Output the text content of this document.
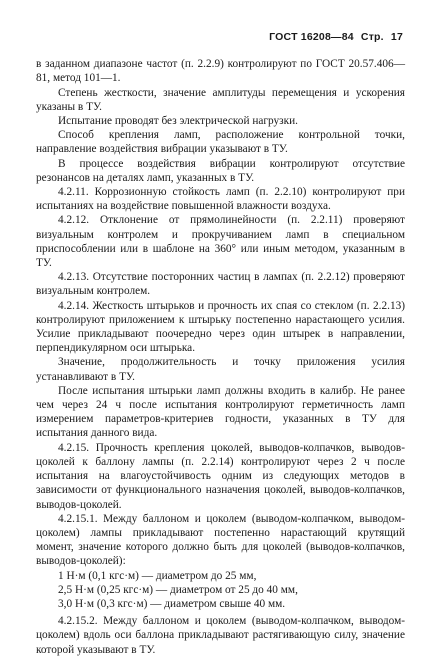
ГОСТ 16208—84 Стр. 17

в заданном диапазоне частот (п. 2.2.9) контролируют по ГОСТ 20.57.406—81, метод 101—1.

Степень жесткости, значение амплитуды перемещения и ускорения указаны в ТУ.

Испытание проводят без электрической нагрузки.

Способ крепления ламп, расположение контрольной точки, направление воздействия вибрации указывают в ТУ.

В процессе воздействия вибрации контролируют отсутствие резонансов на деталях ламп, указанных в ТУ.

4.2.11. Коррозионную стойкость ламп (п. 2.2.10) контролируют при испытаниях на воздействие повышенной влажности воздуха.

4.2.12. Отклонение от прямолинейности (п. 2.2.11) проверяют визуальным контролем и прокручиванием ламп в специальном приспособлении или в шаблоне на 360° или иным методом, указанным в ТУ.

4.2.13. Отсутствие посторонних частиц в лампах (п. 2.2.12) проверяют визуальным контролем.

4.2.14. Жесткость штырьков и прочность их спая со стеклом (п. 2.2.13) контролируют приложением к штырьку постепенно нарастающего усилия. Усилие прикладывают поочередно через один штырек в направлении, перпендикулярном оси штырька.

Значение, продолжительность и точку приложения усилия устанавливают в ТУ.

После испытания штырьки ламп должны входить в калибр. Не ранее чем через 24 ч после испытания контролируют герметичность ламп измерением параметров-критериев годности, указанных в ТУ для испытания данного вида.

4.2.15. Прочность крепления цоколей, выводов-колпачков, выводов-цоколей к баллону лампы (п. 2.2.14) контролируют через 2 ч после испытания на влагоустойчивость одним из следующих методов в зависимости от функционального назначения цоколей, выводов-колпачков, выводов-цоколей.

4.2.15.1. Между баллоном и цоколем (выводом-колпачком, выводом-цоколем) лампы прикладывают постепенно нарастающий крутящий момент, значение которого должно быть для цоколей (выводов-колпачков, выводов-цоколей):

1 Н·м (0,1 кгс·м) — диаметром до 25 мм,
2,5 Н·м (0,25 кгс·м) — диаметром от 25 до 40 мм,
3,0 Н·м (0,3 кгс·м) — диаметром свыше 40 мм.

4.2.15.2. Между баллоном и цоколем (выводом-колпачком, выводом-цоколем) вдоль оси баллона прикладывают растягивающую силу, значение которой указывают в ТУ.
